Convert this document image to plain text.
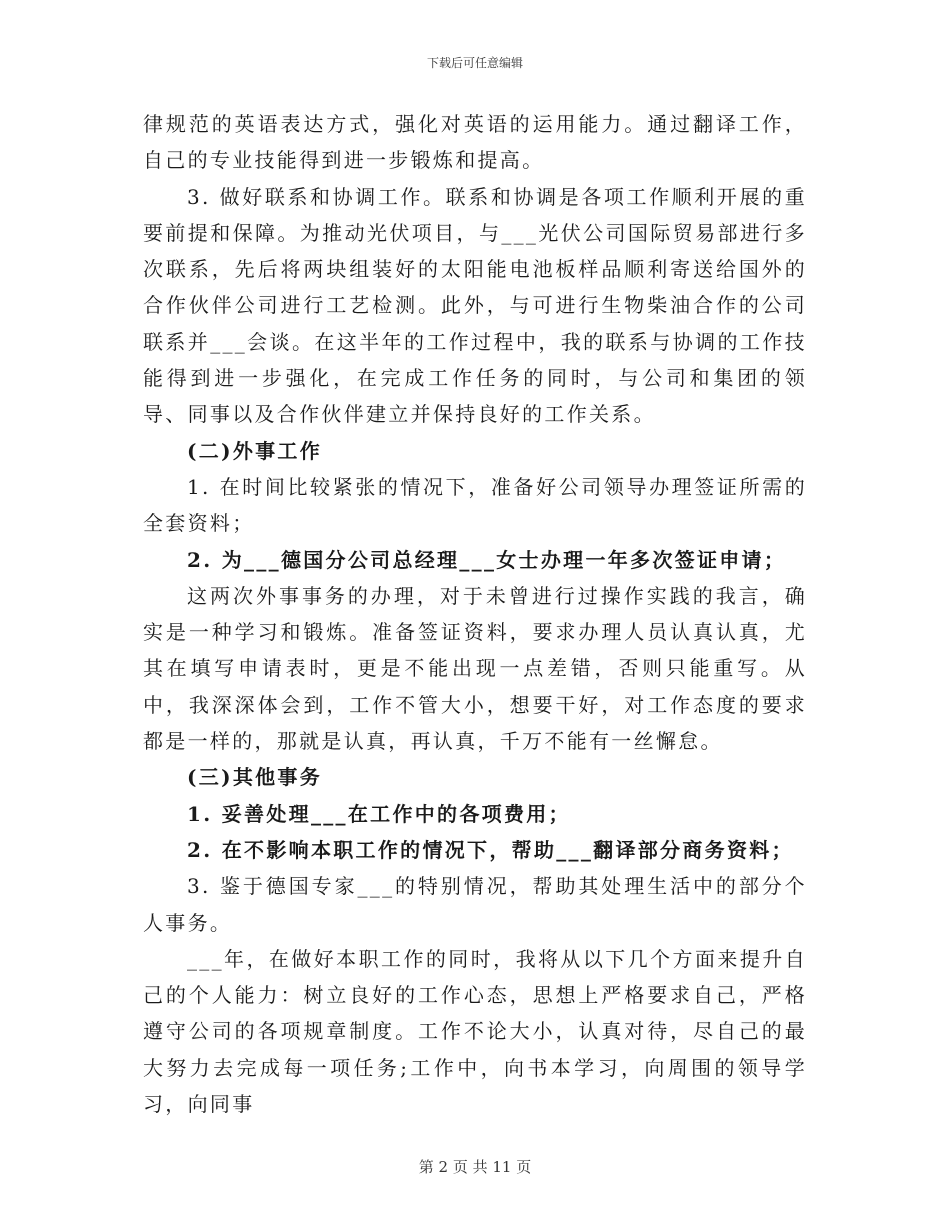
下载后可任意编辑

律规范的英语表达方式，强化对英语的运用能力。通过翻译工作，自己的专业技能得到进一步锻炼和提高。

3. 做好联系和协调工作。联系和协调是各项工作顺利开展的重要前提和保障。为推动光伏项目，与___光伏公司国际贸易部进行多次联系，先后将两块组装好的太阳能电池板样品顺利寄送给国外的合作伙伴公司进行工艺检测。此外，与可进行生物柴油合作的公司联系并___会谈。在这半年的工作过程中，我的联系与协调的工作技能得到进一步强化，在完成工作任务的同时，与公司和集团的领导、同事以及合作伙伴建立并保持良好的工作关系。

(二)外事工作

1. 在时间比较紧张的情况下，准备好公司领导办理签证所需的全套资料；

2. 为___德国分公司总经理___女士办理一年多次签证申请；

这两次外事事务的办理，对于未曾进行过操作实践的我言，确实是一种学习和锻炼。准备签证资料，要求办理人员认真认真，尤其在填写申请表时，更是不能出现一点差错，否则只能重写。从中，我深深体会到，工作不管大小，想要干好，对工作态度的要求都是一样的，那就是认真，再认真，千万不能有一丝懈怠。

(三)其他事务

1. 妥善处理___在工作中的各项费用；

2. 在不影响本职工作的情况下，帮助___翻译部分商务资料；

3. 鉴于德国专家___的特别情况，帮助其处理生活中的部分个人事务。

___年，在做好本职工作的同时，我将从以下几个方面来提升自己的个人能力：树立良好的工作心态，思想上严格要求自己，严格遵守公司的各项规章制度。工作不论大小，认真对待，尽自己的最大努力去完成每一项任务;工作中，向书本学习，向周围的领导学习，向同事

第 2 页 共 11 页
